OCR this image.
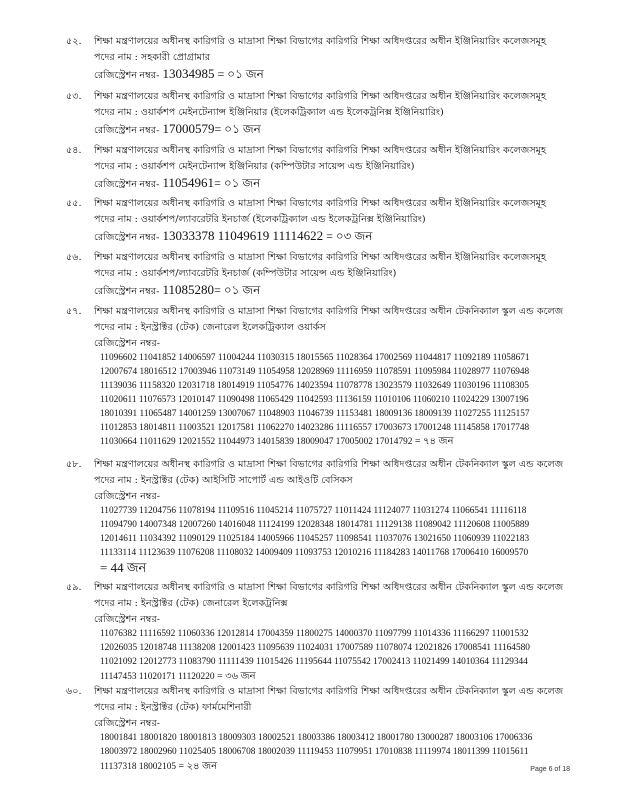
৫২. শিক্ষা মন্ত্রণালয়ের অধীনস্থ কারিগরি ও মাদ্রাসা শিক্ষা বিভাগের কারিগরি শিক্ষা অধিদপ্তরের অধীন ইঞ্জিনিয়ারিং কলেজসমূহ
পদের নাম : সহকারী প্রোগ্রামার
রেজিস্ট্রেশন নম্বর- 13034985 = ০১ জন
৫৩. শিক্ষা মন্ত্রণালয়ের অধীনস্থ কারিগরি ও মাদ্রাসা শিক্ষা বিভাগের কারিগরি শিক্ষা অধিদপ্তরের অধীন ইঞ্জিনিয়ারিং কলেজসমূহ
পদের নাম : ওয়ার্কশপ মেইনটেন্যান্স ইঞ্জিনিয়ার (ইলেকট্রিক্যাল এন্ড ইলেকট্রনিক্স ইঞ্জিনিয়ারিং)
রেজিস্ট্রেশন নম্বর- 17000579= ০১ জন
৫৪. শিক্ষা মন্ত্রণালয়ের অধীনস্থ কারিগরি ও মাদ্রাসা শিক্ষা বিভাগের কারিগরি শিক্ষা অধিদপ্তরের অধীন ইঞ্জিনিয়ারিং কলেজসমূহ
পদের নাম : ওয়ার্কশপ মেইনটেন্যান্স ইঞ্জিনিয়ার (কম্পিউটার সায়েন্স এন্ড ইঞ্জিনিয়ারিং)
রেজিস্ট্রেশন নম্বর- 11054961= ০১ জন
৫৫. শিক্ষা মন্ত্রণালয়ের অধীনস্থ কারিগরি ও মাদ্রাসা শিক্ষা বিভাগের কারিগরি শিক্ষা অধিদপ্তরের অধীন ইঞ্জিনিয়ারিং কলেজসমূহ
পদের নাম : ওয়ার্কশপ/ল্যাবরেটরি ইনচার্জ (ইলেকট্রিক্যাল এন্ড ইলেকট্রনিক্স ইঞ্জিনিয়ারিং)
রেজিস্ট্রেশন নম্বর- 13033378 11049619 11114622 = ০৩ জন
৫৬. শিক্ষা মন্ত্রণালয়ের অধীনস্থ কারিগরি ও মাদ্রাসা শিক্ষা বিভাগের কারিগরি শিক্ষা অধিদপ্তরের অধীন ইঞ্জিনিয়ারিং কলেজসমূহ
পদের নাম : ওয়ার্কশপ/ল্যাবরেটরি ইনচার্জ (কম্পিউটার সায়েন্স এন্ড ইঞ্জিনিয়ারিং)
রেজিস্ট্রেশন নম্বর- 11085280= ০১ জন
৫৭. শিক্ষা মন্ত্রণালয়ের অধীনস্থ কারিগরি ও মাদ্রাসা শিক্ষা বিভাগের কারিগরি শিক্ষা অধিদপ্তরের অধীন টেকনিক্যাল স্কুল এন্ড কলেজ
পদের নাম : ইনস্ট্রাক্টর (টেক) জেনারেল ইলেকট্রিক্যাল ওয়ার্কস
রেজিস্ট্রেশন নম্বর-
11096602 11041852 14006597 11004244 11030315 18015565 11028364 17002569 11044817 11092189 11058671
12007674 18016512 17003946 11073149 11054958 12028969 11116959 11078591 11095984 11028977 11076948
11139036 11158320 12031718 18014919 11054776 14023594 11078778 13023579 11032649 11030196 11108305
11020611 11076573 12010147 11090498 11065429 11042593 11136159 11010106 11060210 11024229 13007196
18010391 11065487 14001259 13007067 11048903 11046739 11153481 18009136 18009139 11027255 11125157
11012853 18014811 11003521 12017581 11062270 14023286 11116557 17003673 17001248 11145858 17017748
11030664 11011629 12021552 11044973 14015839 18009047 17005002 17014792 = ৭৪ জন
৫৮. শিক্ষা মন্ত্রণালয়ের অধীনস্থ কারিগরি ও মাদ্রাসা শিক্ষা বিভাগের কারিগরি শিক্ষা অধিদপ্তরের অধীন টেকনিক্যাল স্কুল এন্ড কলেজ
পদের নাম : ইনস্ট্রাক্টর (টেক) আইসিটি সাপোর্ট এন্ড আইওটি বেসিকস
রেজিস্ট্রেশন নম্বর-
11027739 11204756 11078194 11109516 11045214 11075727 11011424 11124077 11031274 11066541 11116118
11094790 14007348 12007260 14016048 11124199 12028348 18014781 11129138 11089042 11120608 11005889
12014611 11034392 11090129 11025184 14005966 11045257 11098541 11037076 13021650 11060939 11022183
11133114 11123639 11076208 11108032 14009409 11093753 12010216 11184283 14011768 17006410 16009570
= 44 জন
৫৯. শিক্ষা মন্ত্রণালয়ের অধীনস্থ কারিগরি ও মাদ্রাসা শিক্ষা বিভাগের কারিগরি শিক্ষা অধিদপ্তরের অধীন টেকনিক্যাল স্কুল এন্ড কলেজ
পদের নাম : ইনস্ট্রাক্টর (টেক) জেনারেল ইলেকট্রনিক্স
রেজিস্ট্রেশন নম্বর-
11076382 11116592 11060336 12012814 17004359 11800275 14000370 11097799 11014336 11166297 11001532
12026035 12018748 11138208 12001423 11095639 11024031 17007589 11078074 12021826 17008541 11164580
11021092 12012773 11083790 11111439 11015426 11195644 11075542 17002413 11021499 14010364 11129344
11147453 11020171 11120220 = ৩৬ জন
৬০. শিক্ষা মন্ত্রণালয়ের অধীনস্থ কারিগরি ও মাদ্রাসা শিক্ষা বিভাগের কারিগরি শিক্ষা অধিদপ্তরের অধীন টেকনিক্যাল স্কুল এন্ড কলেজ
পদের নাম : ইনস্ট্রাক্টর (টেক) ফার্মমেশিনারী
রেজিস্ট্রেশন নম্বর-
18001841 18001820 18001813 18009303 18002521 18003386 18003412 18001780 13000287 18003106 17006336
18003972 18002960 11025405 18006708 18002039 11119453 11079951 17010838 11119974 18011399 11015611
11137318 18002105 = ২৪ জন	Page 6 of 18
